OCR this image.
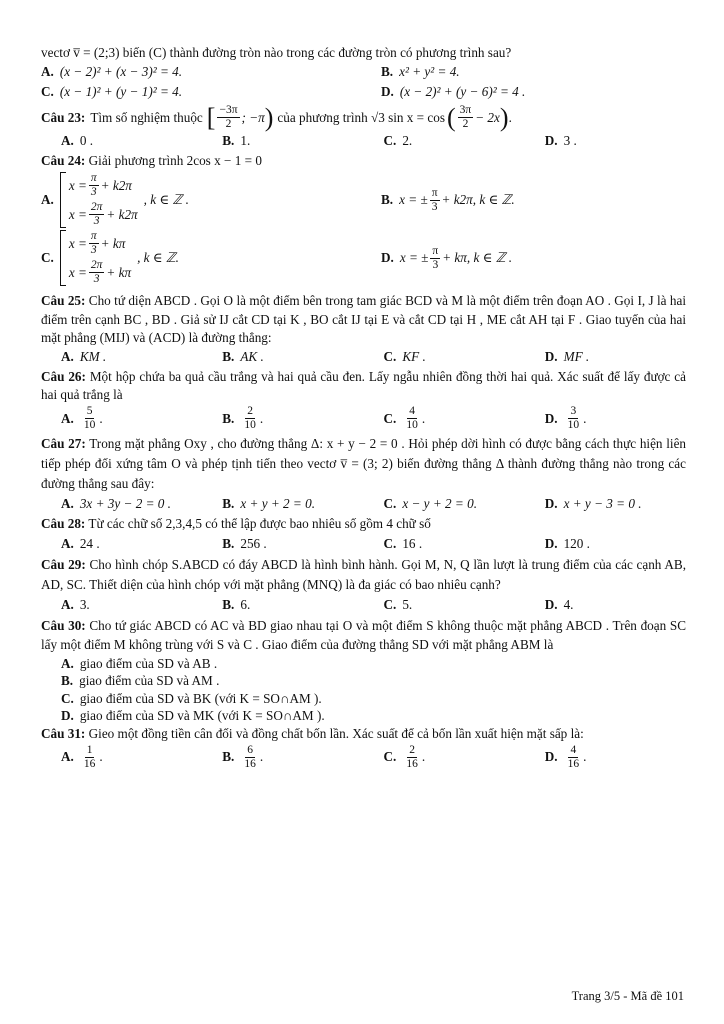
vectơ v̅ = (2;3) biến (C) thành đường tròn nào trong các đường tròn có phương trình sau?

A. (x − 2)² + (x − 3)² = 4.	B. x² + y² = 4.
C. (x − 1)² + (y − 1)² = 4.	D. (x − 2)² + (y − 6)² = 4 .
Câu 23: Tìm số nghiệm thuộc [ $\frac{-3\pi}{2}$ ; −π ) của phương trình √3 sin x = cos ( $\frac{3\pi}{2} - 2x$ ) .
A. 0 .	B. 1.	C. 2.	D. 3 .

Câu 24: Giải phương trình 2cos x − 1 = 0

A.
$x = \frac{\pi}{3} + k2\pi$
$x = \frac{2\pi}{3} + k2\pi$
, k ∈ ℤ .	B. x = ± $\frac{\pi}{3} + k2\pi$, k ∈ ℤ.
C.
$x = \frac{\pi}{3} + k\pi$
$x = \frac{2\pi}{3} + k\pi$
, k ∈ ℤ.	D. x = ± $\frac{\pi}{3} + k\pi$, k ∈ ℤ .

Câu 25: Cho tứ diện ABCD . Gọi O là một điểm bên trong tam giác BCD và M là một điểm trên đoạn AO . Gọi I, J là hai điểm trên cạnh BC , BD . Giả sử IJ cắt CD tại K , BO cắt IJ tại E và cắt CD tại H , ME cắt AH tại F . Giao tuyến của hai mặt phẳng (MIJ) và (ACD) là đường thẳng:

A. KM .	B. AK .	C. KF .	D. MF .

Câu 26: Một hộp chứa ba quả cầu trắng và hai quả cầu đen. Lấy ngẫu nhiên đồng thời hai quả. Xác suất để lấy được cả hai quả trắng là

A. $\frac{5}{10}$ .	B. $\frac{2}{10}$ .	C. $\frac{4}{10}$ .	D. $\frac{3}{10}$ .

Câu 27: Trong mặt phẳng Oxy , cho đường thẳng Δ: x + y − 2 = 0 . Hỏi phép dời hình có được bằng cách thực hiện liên tiếp phép đối xứng tâm O và phép tịnh tiến theo vectơ v̅ = (3; 2) biến đường thẳng Δ thành đường thẳng nào trong các đường thẳng sau đây:

A. 3x + 3y − 2 = 0 .	B. x + y + 2 = 0.	C. x − y + 2 = 0.	D. x + y − 3 = 0 .

Câu 28: Từ các chữ số 2,3,4,5 có thể lập được bao nhiêu số gồm 4 chữ số

A. 24 .	B. 256 .	C. 16 .	D. 120 .

Câu 29: Cho hình chóp S.ABCD có đáy ABCD là hình bình hành. Gọi M, N, Q lần lượt là trung điểm của các cạnh AB, AD, SC. Thiết diện của hình chóp với mặt phẳng (MNQ) là đa giác có bao nhiêu cạnh?

A. 3.	B. 6.	C. 5.	D. 4.

Câu 30: Cho tứ giác ABCD có AC và BD giao nhau tại O và một điểm S không thuộc mặt phẳng ABCD . Trên đoạn SC lấy một điểm M không trùng với S và C . Giao điểm của đường thẳng SD với mặt phẳng ABM là

A. giao điểm của SD và AB .
B. giao điểm của SD và AM .
C. giao điểm của SD và BK (với K = SO∩AM ).
D. giao điểm của SD và MK (với K = SO∩AM ).

Câu 31: Gieo một đồng tiền cân đối và đồng chất bốn lần. Xác suất để cả bốn lần xuất hiện mặt sấp là:

A. $\frac{1}{16}$ .	B. $\frac{6}{16}$ .	C. $\frac{2}{16}$ .	D. $\frac{4}{16}$ .
Trang 3/5 - Mã đề 101
